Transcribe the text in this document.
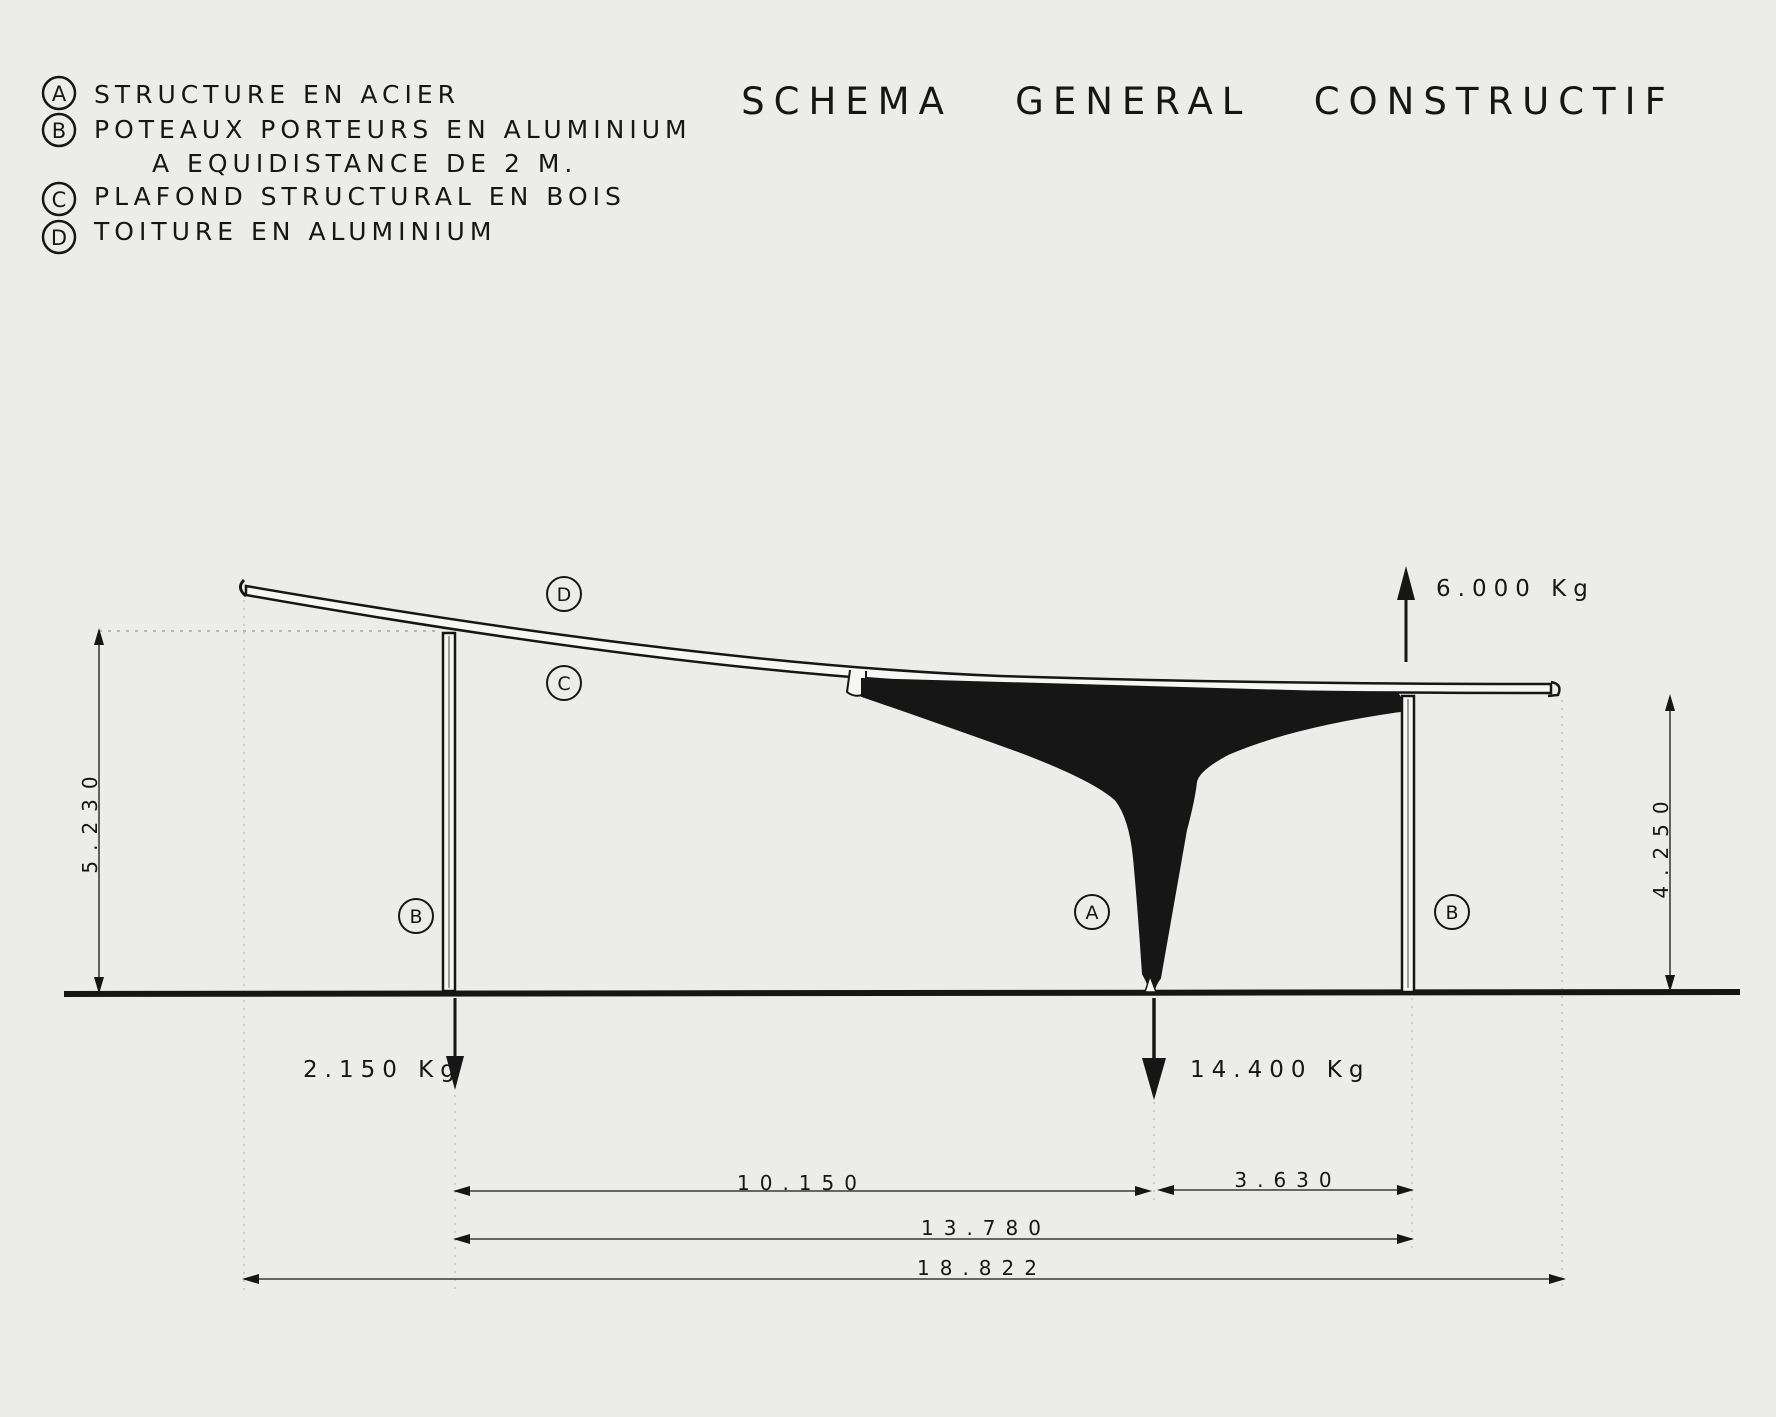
A STRUCTURE EN ACIER
B POTEAUX PORTEURS EN ALUMINIUM
A EQUIDISTANCE DE 2 M.
C PLAFOND STRUCTURAL EN BOIS
D TOITURE EN ALUMINIUM
SCHEMA   GENERAL   CONSTRUCTIF
D
C
B	A	B
5.230	4.250
6.000 Kg
2.150 Kg	14.400 Kg
10.150	3.630
13.780
18.822
